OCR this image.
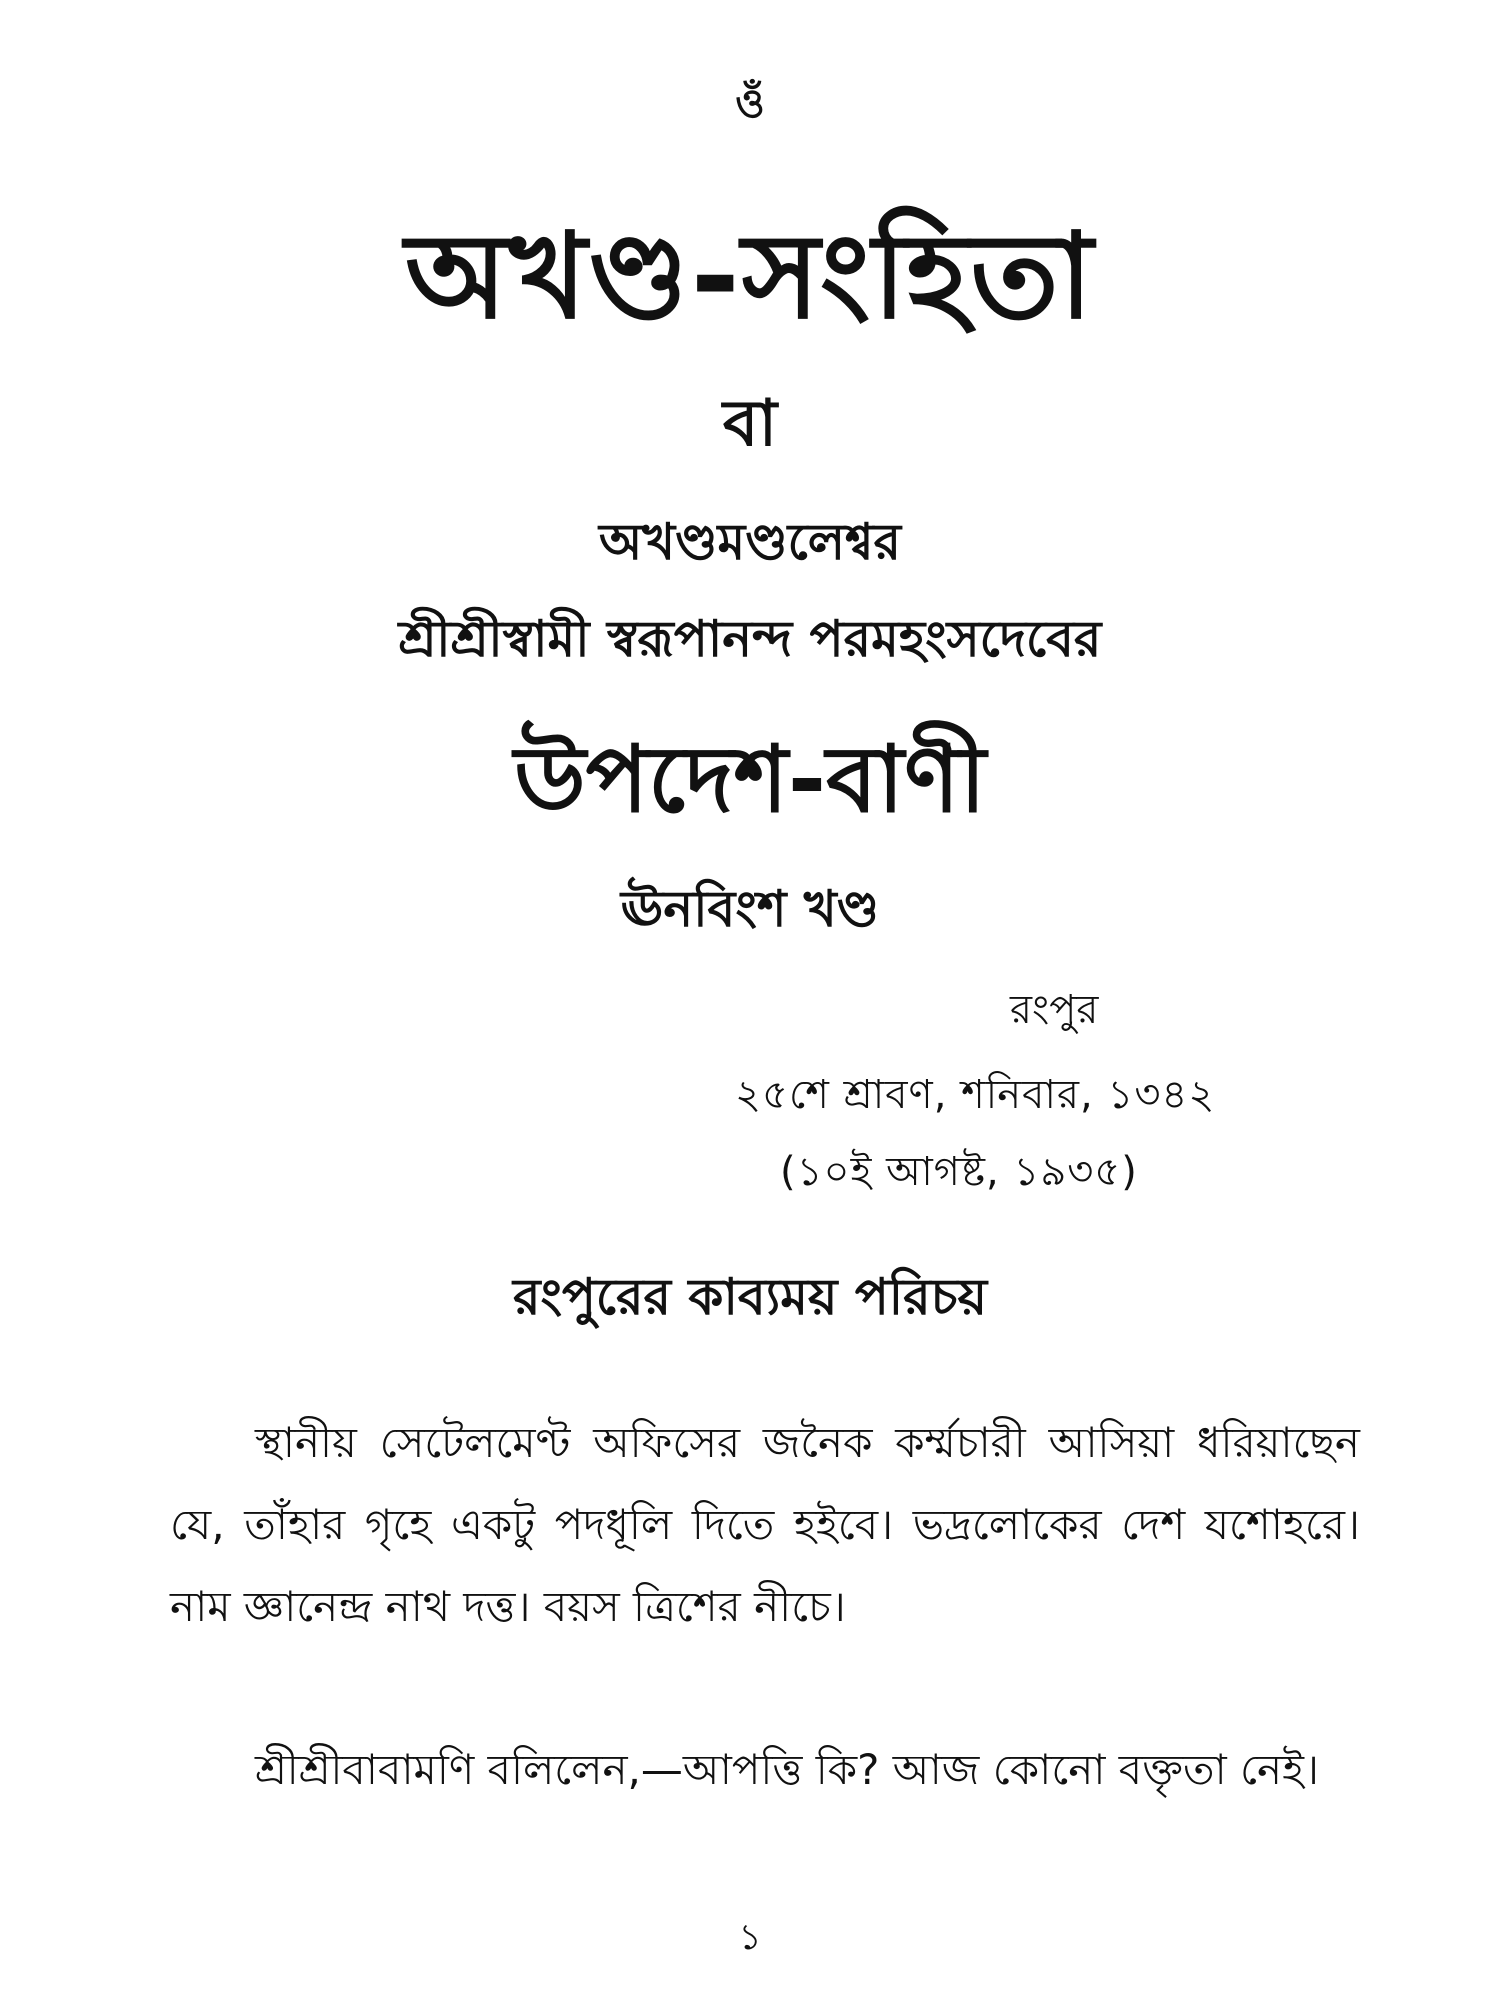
ওঁ
অখণ্ড-সংহিতা
বা
অখণ্ডমণ্ডলেশ্বর
শ্রীশ্রীস্বামী স্বরূপানন্দ পরমহংসদেবের
উপদেশ-বাণী
ঊনবিংশ খণ্ড
রংপুর
২৫শে শ্রাবণ, শনিবার, ১৩৪২
(১০ই আগষ্ট, ১৯৩৫)
রংপুরের কাব্যময় পরিচয়

স্থানীয় সেটেলমেণ্ট অফিসের জনৈক কর্ম্মচারী আসিয়া ধরিয়াছেন যে, তাঁহার গৃহে একটু পদধূলি দিতে হইবে। ভদ্রলোকের দেশ যশোহরে। নাম জ্ঞানেন্দ্র নাথ দত্ত। বয়স ত্রিশের নীচে।

শ্রীশ্রীবাবামণি বলিলেন,—আপত্তি কি? আজ কোনো বক্তৃতা নেই।

১
